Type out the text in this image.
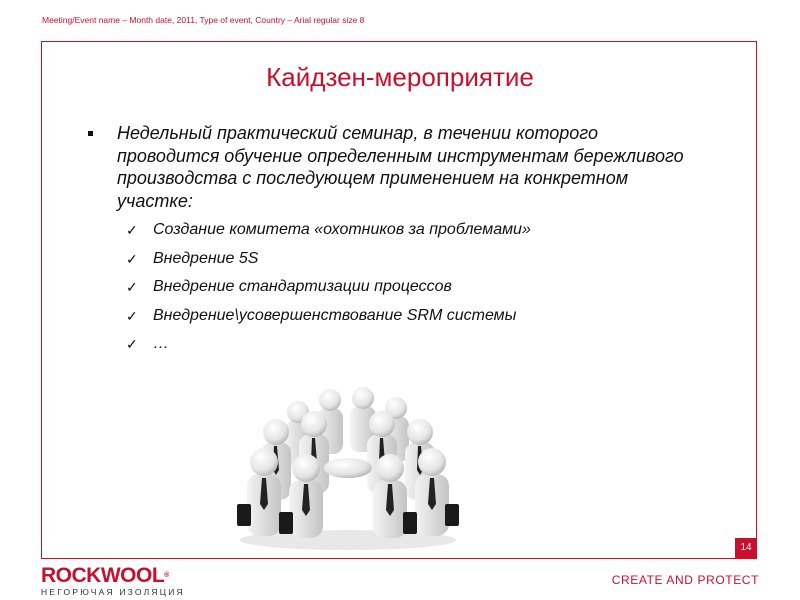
Meeting/Event name – Month date, 2011, Type of event, Country – Arial regular size 8
Кайдзен-мероприятие
Недельный практический семинар, в течении которого проводится обучение определенным инструментам бережливого производства с последующем применением на конкретном участке:
✓ Создание комитета «охотников за проблемами»
✓ Внедрение 5S
✓ Внедрение стандартизации процессов
✓ Внедрение\усовершенствование SRM системы
✓ …
14
ROCKWOOL®
НЕГОРЮЧАЯ ИЗОЛЯЦИЯ
CREATE AND PROTECT
